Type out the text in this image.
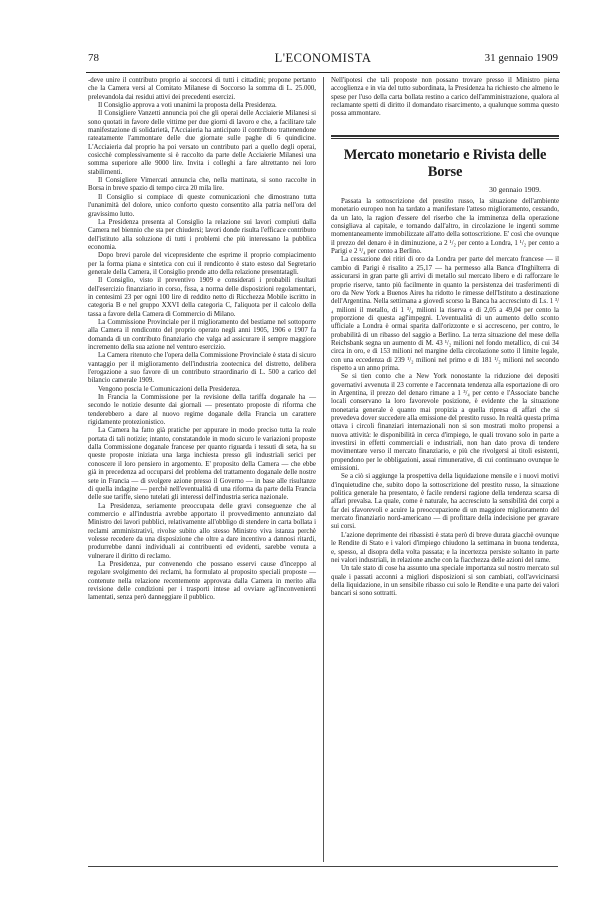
78	L'ECONOMISTA	31 gennaio 1909

-deve unire il contributo proprio ai soccorsi di tutti i cittadini; propone pertanto che la Camera versi al Comitato Milanese di Soccorso la somma di L. 25.000, prelevandola dai residui attivi dei precedenti esercizi.

Il Consiglio approva a voti unanimi la proposta della Presidenza.

Il Consigliere Vanzetti annuncia poi che gli operai delle Acciaierie Milanesi si sono quotati in favore delle vittime per due giorni di lavoro e che, a facilitare tale manifestazione di solidarietà, l'Acciaieria ha anticipato il contributo trattenendone rateatamente l'ammontare delle due giornate sulle paghe di 6 quindicine. L'Acciaieria dal proprio ha poi versato un contributo pari a quello degli operai, cosicchè complessivamente si è raccolto da parte delle Acciaierie Milanesi una somma superiore alle 9000 lire. Invita i colleghi a fare altrettanto nei loro stabilimenti.

Il Consigliere Vimercati annuncia che, nella mattinata, si sono raccolte in Borsa in breve spazio di tempo circa 20 mila lire.

Il Consiglio si compiace di queste comunicazioni che dimostrano tutta l'unanimità del dolore, unico conforto questo consentito alla patria nell'ora del gravissimo lutto.

La Presidenza presenta al Consiglio la relazione sui lavori compiuti dalla Camera nel biennio che sta per chiudersi; lavori donde risulta l'efficace contributo dell'istituto alla soluzione di tutti i problemi che più interessano la pubblica economia.

Dopo brevi parole del vicepresidente che esprime il proprio compiacimento per la forma piana e sintetica con cui il rendiconto è stato esteso dal Segretario generale della Camera, il Consiglio prende atto della relazione presentatagli.

Il Consiglio, visto il preventivo 1909 e considerati i probabili risultati dell'esercizio finanziario in corso, fissa, a norma delle disposizioni regolamentari, in centesimi 23 per ogni 100 lire di reddito netto di Ricchezza Mobile iscritto in categoria B e nel gruppo XXVI della categoria C, l'aliquota per il calcolo della tassa a favore della Camera di Commercio di Milano.

La Commissione Provinciale per il miglioramento del bestiame nel sottoporre alla Camera il rendiconto del proprio operato negli anni 1905, 1906 e 1907 fa domanda di un contributo finanziario che valga ad assicurare il sempre maggiore incremento della sua azione nel venturo esercizio.

La Camera ritenuto che l'opera della Commissione Provinciale è stata di sicuro vantaggio per il miglioramento dell'industria zootecnica del distretto, delibera l'erogazione a suo favore di un contributo straordinario di L. 500 a carico del bilancio camerale 1909.

Vengono poscia le Comunicazioni della Presidenza.

In Francia la Commissione per la revisione della tariffa doganale ha — secondo le notizie desunte dai giornali — presentato proposte di riforma che tenderebbero a dare al nuovo regime doganale della Francia un carattere rigidamente protezionistico.

La Camera ha fatto già pratiche per appurare in modo preciso tutta la reale portata di tali notizie; intanto, constatandole in modo sicuro le variazioni proposte dalla Commissione doganale francese per quanto riguarda i tessuti di seta, ha su queste proposte iniziata una larga inchiesta presso gli industriali serici per conoscere il loro pensiero in argomento. E' proposito della Camera — che ebbe già in precedenza ad occuparsi del problema del trattamento doganale delle nostre sete in Francia — di svolgere azione presso il Governo — in base alle risultanze di quella indagine — perchè nell'eventualità di una riforma da parte della Francia delle sue tariffe, sieno tutelati gli interessi dell'industria serica nazionale.

La Presidenza, seriamente preoccupata delle gravi conseguenze che al commercio e all'industria avrebbe apportato il provvedimento annunziato dal Ministro dei lavori pubblici, relativamente all'obbligo di stendere in carta bollata i reclami amministrativi, rivolse subito allo stesso Ministro viva istanza perchè volesse recedere da una disposizione che oltre a dare incentivo a dannosi ritardi, produrrebbe danni individuali ai contribuenti ed evidenti, sarebbe venuta a vulnerare il diritto di reclamo.

La Presidenza, pur convenendo che possano esservi cause d'inceppo al regolare svolgimento dei reclami, ha formulato al proposito speciali proposte — contenute nella relazione recentemente approvata dalla Camera in merito alla revisione delle condizioni per i trasporti intese ad ovviare agl'inconvenienti lamentati, senza però danneggiare il pubblico.

Nell'ipotesi che tali proposte non possano trovare presso il Ministro piena accoglienza e in via del tutto subordinata, la Presidenza ha richiesto che almeno le spese per l'uso della carta bollata restino a carico dell'amministrazione, qualora al reclamante spetti di diritto il domandato risarcimento, a qualunque somma questo possa ammontare.

Mercato monetario e Rivista delle Borse
30 gennaio 1909.

Passata la sottoscrizione del prestito russo, la situazione dell'ambiente monetario europeo non ha tardato a manifestare l'atteso miglioramento, cessando, da un lato, la ragion d'essere del riserbo che la imminenza della operazione consigliava al capitale, e tornando dall'altro, in circolazione le ingenti somme momentaneamente immobilizzate all'atto della sottoscrizione. E' così che ovunque il prezzo del denaro è in diminuzione, a 2 ¹/₂ per cento a Londra, 1 ¹/₂ per cento a Parigi e 2 ¹/₄ per cento a Berlino.

La cessazione dei ritiri di oro da Londra per parte del mercato francese — il cambio di Parigi è risalito a 25,17 — ha permesso alla Banca d'Inghilterra di assicurarsi in gran parte gli arrivi di metallo sul mercato libero e di rafforzare le proprie riserve, tanto più facilmente in quanto la persistenza dei trasferimenti di oro da New York a Buenos Aires ha ridotto le rimesse dell'Istituto a destinazione dell'Argentina. Nella settimana a giovedì scorso la Banca ha accresciuto di Ls. 1 ³/₄ milioni il metallo, di 1 ³/₄ milioni la riserva e di 2,05 a 49,04 per cento la proporzione di questa agl'impegni. L'eventualità di un aumento dello sconto ufficiale a Londra è ormai sparita dall'orizzonte e si accresceno, per contro, le probabilità di un ribasso del saggio a Berlino. La terza situazione del mese della Reichsbank segna un aumento di M. 43 ¹/₂ milioni nel fondo metallico, di cui 34 circa in oro, e di 153 milioni nel margine della circolazione sotto il limite legale, con una eccedenza di 239 ¹/₂ milioni nel primo e di 181 ¹/₂ milioni nel secondo rispetto a un anno prima.

Se si tien conto che a New York nonostante la riduzione dei depositi governativi avvenuta il 23 corrente e l'accennata tendenza alla esportazione di oro in Argentina, il prezzo del denaro rimane a 1 ³/₄ per cento e l'Associate banche locali conservano la loro favorevole posizione, è evidente che la situazione monetaria generale è quanto mai propizia a quella ripresa di affari che si prevedeva dover succedere alla emissione del prestito russo. In realtà questa prima ottava i circoli finanziari internazionali non si son mostrati molto propensi a nuova attività: le disponibilità in cerca d'impiego, le quali trovano solo in parte a investirsi in effetti commerciali e industriali, non han dato prova di tendere movimentare verso il mercato finanziario, e più che rivolgersi ai titoli esistenti, propendono per le obbligazioni, assai rimunerative, di cui continuano ovunque le emissioni.

Se a ciò si aggiunge la prospettiva della liquidazione mensile e i nuovi motivi d'inquietudine che, subito dopo la sottoscrizione del prestito russo, la situazione politica generale ha presentato, è facile rendersi ragione della tendenza scarsa di affari prevalsa. La quale, come è naturale, ha accresciuto la sensibilità dei corpi a far dei sfavorevoli e acuire la preoccupazione di un maggiore miglioramento del mercato finanziario nord-americano — di profittare della indecisione per gravare sui corsi.

L'azione deprimente dei ribassisti è stata però di breve durata giacchè ovunque le Rendite di Stato e i valori d'impiego chiudono la settimana in buona tendenza, e, spesso, al disopra della volta passata; e la incertezza persiste soltanto in parte nei valori industriali, in relazione anche con la fiacchezza delle azioni del rame.

Un tale stato di cose ha assunto una speciale importanza sul nostro mercato sul quale i passati acconni a migliori disposizioni si son cambiati, coll'avvicinarsi della liquidazione, in un sensibile ribasso cui solo le Rendite e una parte dei valori bancari si sono sottratti.
